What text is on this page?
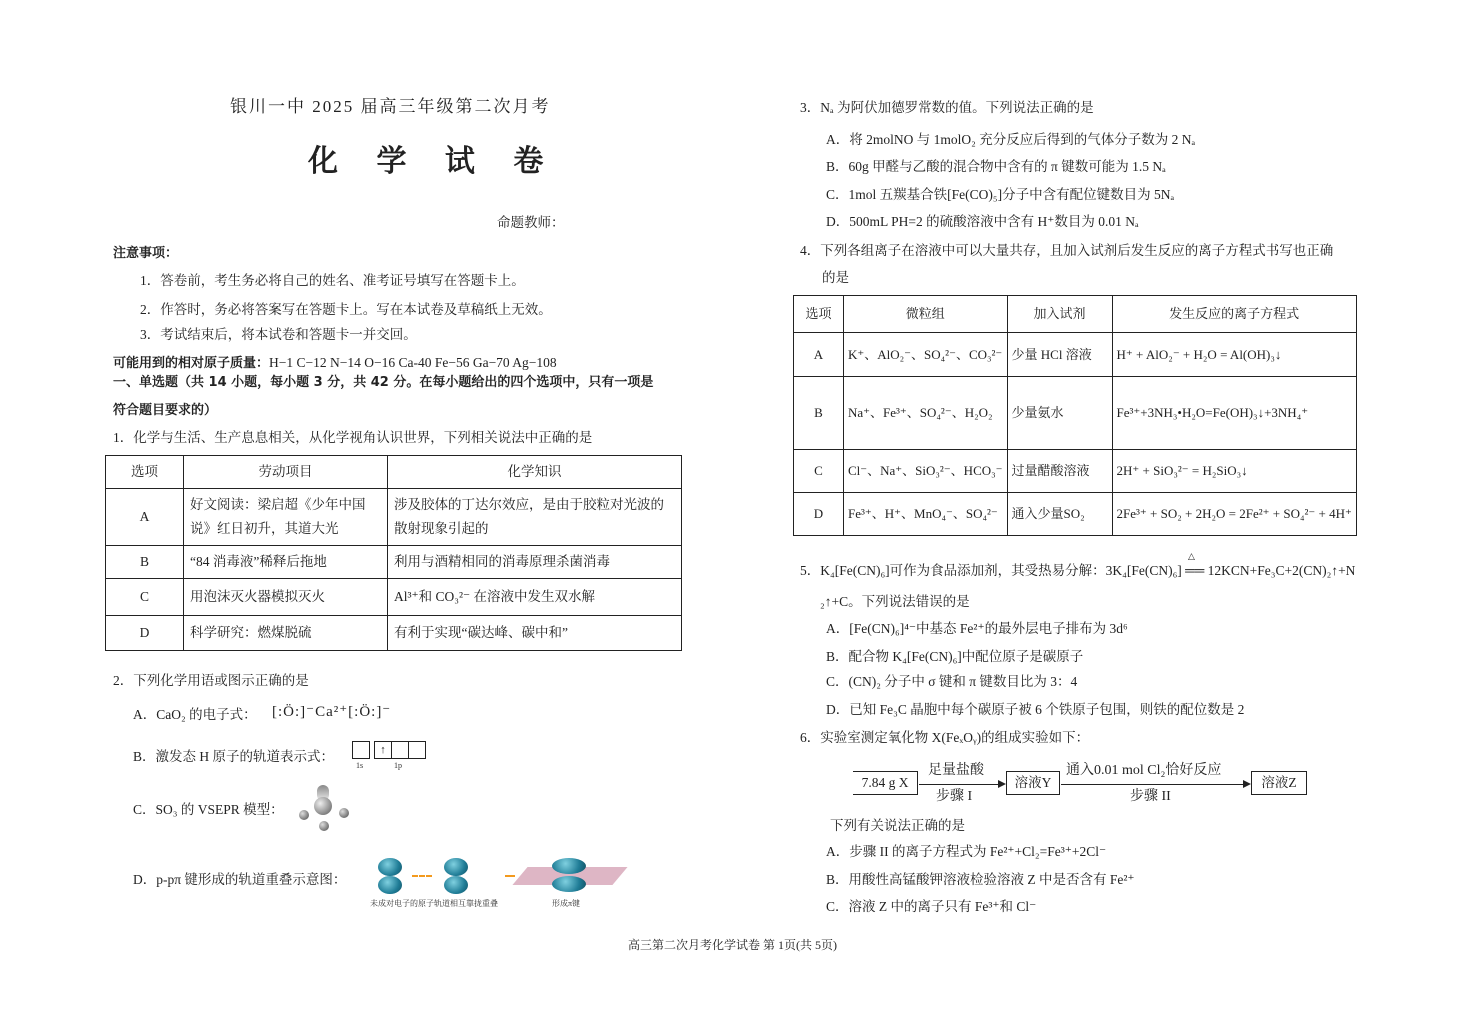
银川一中 2025 届高三年级第二次月考
化 学 试 卷
命题教师：
注意事项：
1．答卷前，考生务必将自己的姓名、准考证号填写在答题卡上。
2．作答时，务必将答案写在答题卡上。写在本试卷及草稿纸上无效。
3．考试结束后，将本试卷和答题卡一并交回。
可能用到的相对原子质量：H−1 C−12 N−14 O−16 Ca-40 Fe−56 Ga−70 Ag−108
一、单选题（共 14 小题，每小题 3 分，共 42 分。在每小题给出的四个选项中，只有一项是
符合题目要求的）
1．化学与生活、生产息息相关，从化学视角认识世界，下列相关说法中正确的是
选项	劳动项目	化学知识
A	好文阅读：梁启超《少年中国说》红日初升，其道大光	涉及胶体的丁达尔效应，是由于胶粒对光波的散射现象引起的
B	“84 消毒液”稀释后拖地	利用与酒精相同的消毒原理杀菌消毒
C	用泡沫灭火器模拟灭火	Al³⁺和 CO₃²⁻ 在溶液中发生双水解
D	科学研究：燃煤脱硫	有利于实现“碳达峰、碳中和”
2．下列化学用语或图示正确的是
A．CaO₂ 的电子式： [:Ö:]⁻Ca²⁺[:Ö:]⁻
B．激发态 H 原子的轨道表示式：	↑
1s	1p
C．SO₃ 的 VSEPR 模型：
D．p-pπ 键形成的轨道重叠示意图：
未成对电子的原子轨道相互靠拢重叠	形成π键
3．Nₐ 为阿伏加德罗常数的值。下列说法正确的是
A．将 2molNO 与 1molO₂ 充分反应后得到的气体分子数为 2 Nₐ
B．60g 甲醛与乙酸的混合物中含有的 π 键数可能为 1.5 Nₐ
C．1mol 五羰基合铁[Fe(CO)₅]分子中含有配位键数目为 5Nₐ
D．500mL PH=2 的硫酸溶液中含有 H⁺数目为 0.01 Nₐ
4．下列各组离子在溶液中可以大量共存，且加入试剂后发生反应的离子方程式书写也正确
的是
选项	微粒组	加入试剂	发生反应的离子方程式
A	K⁺、AlO₂⁻、SO₄²⁻、CO₃²⁻	少量 HCl 溶液	H⁺ + AlO₂⁻ + H₂O = Al(OH)₃↓
B	Na⁺、Fe³⁺、SO₄²⁻、H₂O₂	少量氨水	Fe³⁺+3NH₃•H₂O=Fe(OH)₃↓+3NH₄⁺
C	Cl⁻、Na⁺、SiO₃²⁻、HCO₃⁻	过量醋酸溶液	2H⁺ + SiO₃²⁻ = H₂SiO₃↓
D	Fe³⁺、H⁺、MnO₄⁻、SO₄²⁻	通入少量SO₂	2Fe³⁺ + SO₂ + 2H₂O = 2Fe²⁺ + SO₄²⁻ + 4H⁺
5．K₄[Fe(CN)₆]可作为食品添加剂，其受热易分解：3K₄[Fe(CN)₆] ══ 12KCN+Fe₃C+2(CN)₂↑+N
△
₂↑+C。下列说法错误的是
A．[Fe(CN)₆]⁴⁻中基态 Fe²⁺的最外层电子排布为 3d⁶
B．配合物 K₄[Fe(CN)₆]中配位原子是碳原子
C．(CN)₂ 分子中 σ 键和 π 键数目比为 3：4
D．已知 Fe₃C 晶胞中每个碳原子被 6 个铁原子包围，则铁的配位数是 2
6．实验室测定氧化物 X(FeₓOᵧ)的组成实验如下：
7.84 g X
足量盐酸
步骤 I
溶液Y
通入0.01 mol Cl₂恰好反应
步骤 II
溶液Z
下列有关说法正确的是
A．步骤 II 的离子方程式为 Fe²⁺+Cl₂=Fe³⁺+2Cl⁻
B．用酸性高锰酸钾溶液检验溶液 Z 中是否含有 Fe²⁺
C．溶液 Z 中的离子只有 Fe³⁺和 Cl⁻
高三第二次月考化学试卷 第 1页(共 5页)
